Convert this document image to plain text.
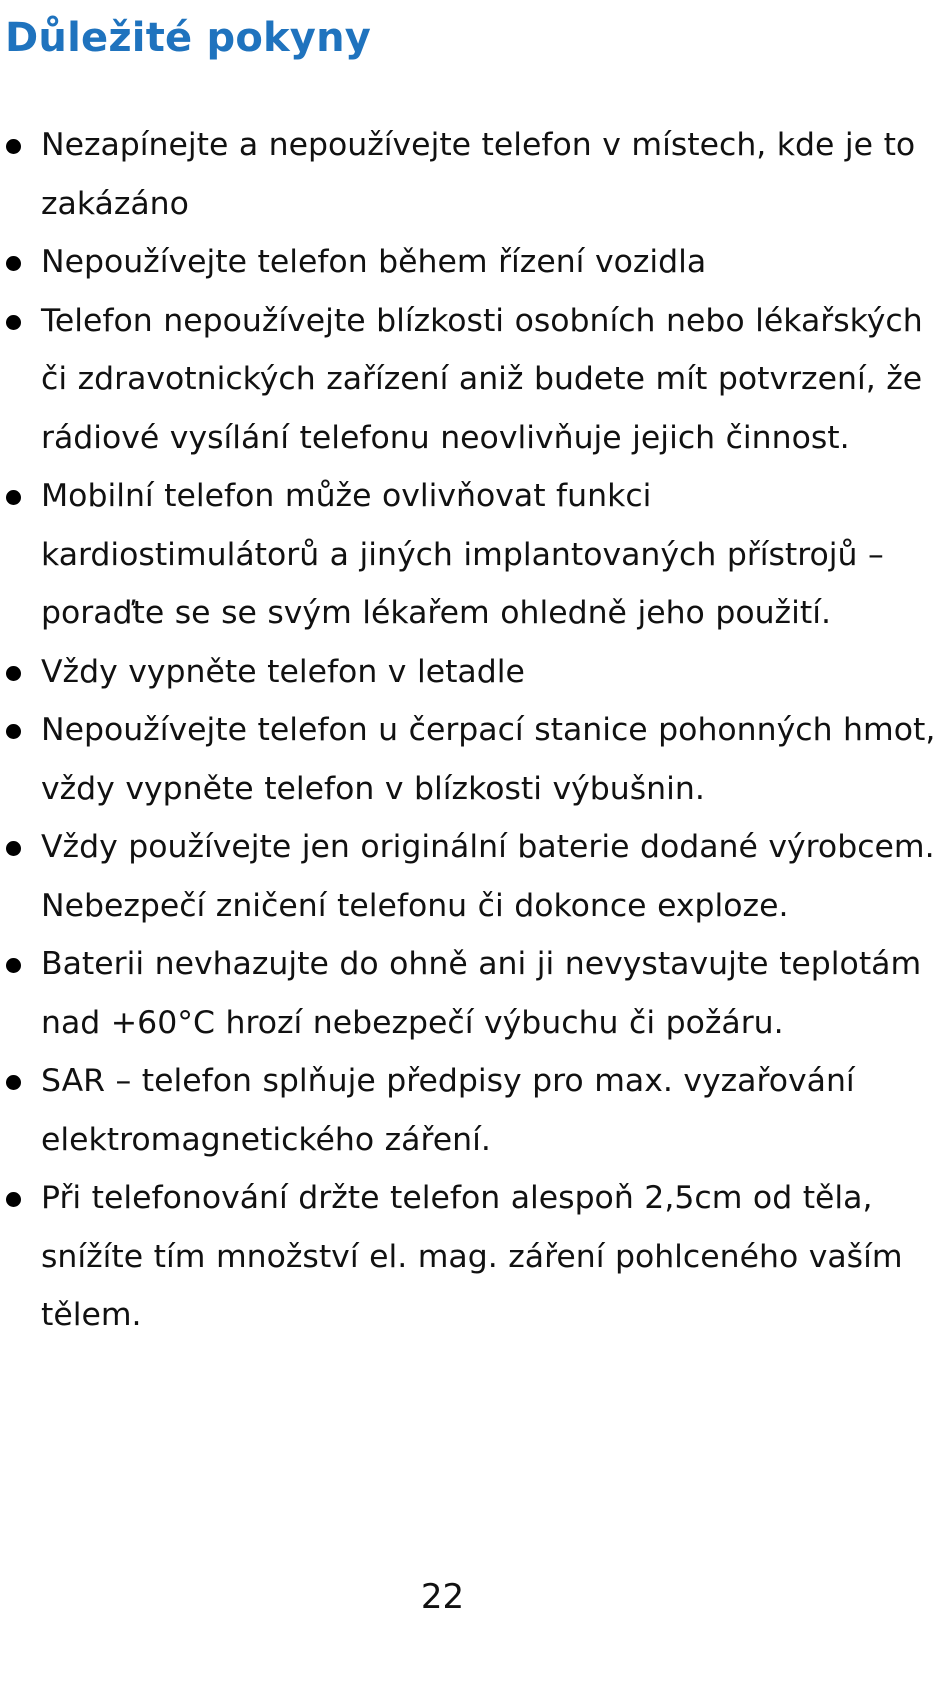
Důležité pokyny
Nezapínejte a nepoužívejte telefon v místech, kde je to zakázáno
Nepoužívejte telefon během řízení vozidla
Telefon nepoužívejte blízkosti osobních nebo lékařských či zdravotnických zařízení aniž budete mít potvrzení, že rádiové vysílání telefonu neovlivňuje jejich činnost.
Mobilní telefon může ovlivňovat funkci kardiostimulátorů a jiných implantovaných přístrojů – poraďte se se svým lékařem ohledně jeho použití.
Vždy vypněte telefon v letadle
Nepoužívejte telefon u čerpací stanice pohonných hmot, vždy vypněte telefon v blízkosti výbušnin.
Vždy používejte jen originální baterie dodané výrobcem. Nebezpečí zničení telefonu či dokonce exploze.
Baterii nevhazujte do ohně ani ji nevystavujte teplotám nad +60°C hrozí nebezpečí výbuchu či požáru.
SAR – telefon splňuje předpisy pro max. vyzařování elektromagnetického záření.
Při telefonování držte telefon alespoň 2,5cm od těla, snížíte tím množství el. mag. záření pohlceného vaším tělem.
22
